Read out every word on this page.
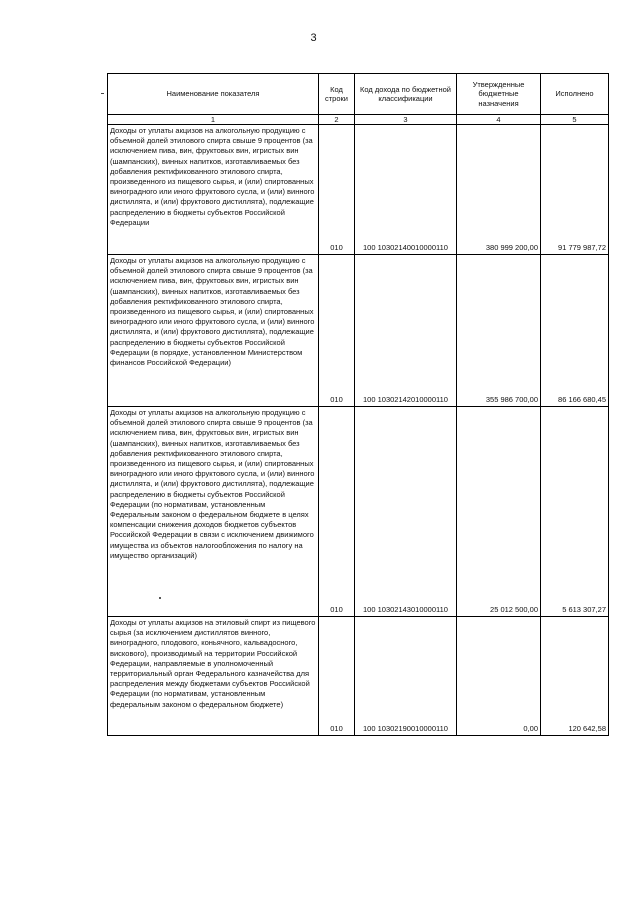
3
Наименование показателя	Код строки	Код дохода по бюджетной классификации	Утвержденные бюджетные назначения	Исполнено
1	2	3	4	5
Доходы от уплаты акцизов на алкогольную продукцию с объемной долей этилового спирта свыше 9 процентов (за исключением пива, вин, фруктовых вин, игристых вин (шампанских), винных напитков, изготавливаемых без добавления ректификованного этилового спирта, произведенного из пищевого сырья, и (или) спиртованных виноградного или иного фруктового сусла, и (или) винного дистиллята, и (или) фруктового дистиллята), подлежащие распределению в бюджеты субъектов Российской Федерации	010	100 10302140010000110	380 999 200,00	91 779 987,72
Доходы от уплаты акцизов на алкогольную продукцию с объемной долей этилового спирта свыше 9 процентов (за исключением пива, вин, фруктовых вин, игристых вин (шампанских), винных напитков, изготавливаемых без добавления ректификованного этилового спирта, произведенного из пищевого сырья, и (или) спиртованных виноградного или иного фруктового сусла, и (или) винного дистиллята, и (или) фруктового дистиллята), подлежащие распределению в бюджеты субъектов Российской Федерации (в порядке, установленном Министерством финансов Российской Федерации)	010	100 10302142010000110	355 986 700,00	86 166 680,45
Доходы от уплаты акцизов на алкогольную продукцию с объемной долей этилового спирта свыше 9 процентов (за исключением пива, вин, фруктовых вин, игристых вин (шампанских), винных напитков, изготавливаемых без добавления ректификованного этилового спирта, произведенного из пищевого сырья, и (или) спиртованных виноградного или иного фруктового сусла, и (или) винного дистиллята, и (или) фруктового дистиллята), подлежащие распределению в бюджеты субъектов Российской Федерации (по нормативам, установленным Федеральным законом о федеральном бюджете в целях компенсации снижения доходов бюджетов субъектов Российской Федерации в связи с исключением движимого имущества из объектов налогообложения по налогу на имущество организаций)	010	100 10302143010000110	25 012 500,00	5 613 307,27
Доходы от уплаты акцизов на этиловый спирт из пищевого сырья (за исключением дистиллятов винного, виноградного, плодового, коньячного, кальвадосного, вискового), производимый на территории Российской Федерации, направляемые в уполномоченный территориальный орган Федерального казначейства для распределения между бюджетами субъектов Российской Федерации (по нормативам, установленным федеральным законом о федеральном бюджете)	010	100 10302190010000110	0,00	120 642,58
